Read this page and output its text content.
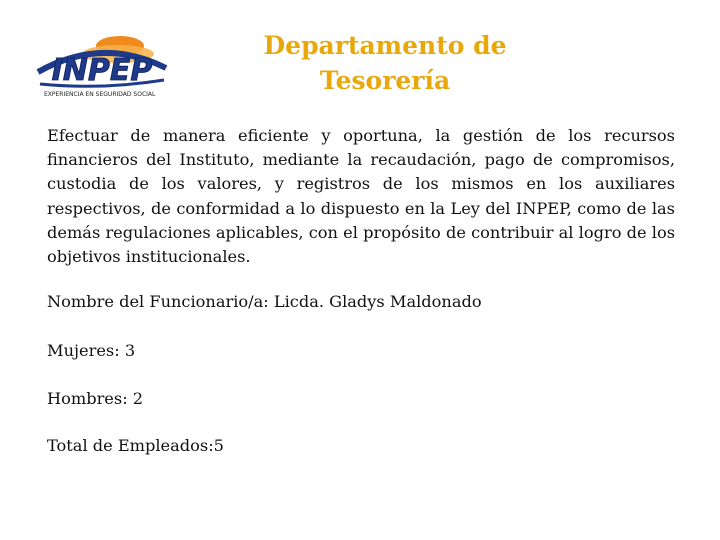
INPEP
EXPERIENCIA EN SEGURIDAD SOCIAL
Departamento de
Tesorería
Efectuar de manera eficiente y oportuna, la gestión de los recursos financieros del Instituto, mediante la recaudación, pago de compromisos, custodia de los valores, y registros de los mismos en los auxiliares respectivos, de conformidad a lo dispuesto en la Ley del INPEP, como de las demás regulaciones aplicables, con el propósito de contribuir al logro de los objetivos institucionales.
Nombre del Funcionario/a: Licda. Gladys Maldonado
Mujeres: 3
Hombres: 2
Total de Empleados:5
